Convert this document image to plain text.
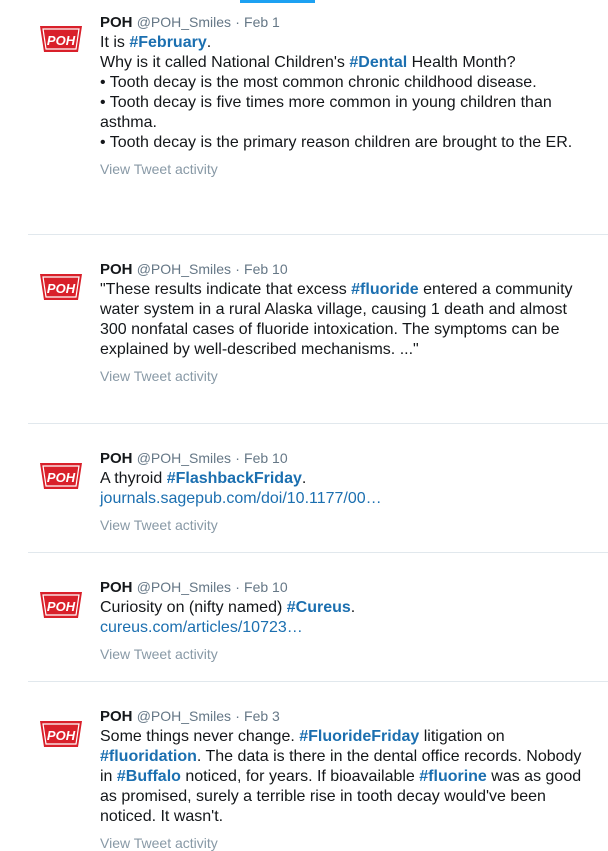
POH
POH @POH_Smiles · Feb 1

It is #February.

Why is it called National Children's #Dental Health Month?

• Tooth decay is the most common chronic childhood disease.

• Tooth decay is five times more common in young children than asthma.

• Tooth decay is the primary reason children are brought to the ER.

View Tweet activity
POH
POH @POH_Smiles · Feb 10
"These results indicate that excess #fluoride entered a community water system in a rural Alaska village, causing 1 death and almost 300 nonfatal cases of fluoride intoxication. The symptoms can be explained by well-described mechanisms. ..."
View Tweet activity
POH
POH @POH_Smiles · Feb 10

A thyroid #FlashbackFriday.

journals.sagepub.com/doi/10.1177/00…

View Tweet activity
POH
POH @POH_Smiles · Feb 10

Curiosity on (nifty named) #Cureus.

cureus.com/articles/10723…

View Tweet activity
POH
POH @POH_Smiles · Feb 3
Some things never change. #FluorideFriday litigation on #fluoridation. The data is there in the dental office records. Nobody in #Buffalo noticed, for years. If bioavailable #fluorine was as good as promised, surely a terrible rise in tooth decay would've been noticed. It wasn't.
View Tweet activity
